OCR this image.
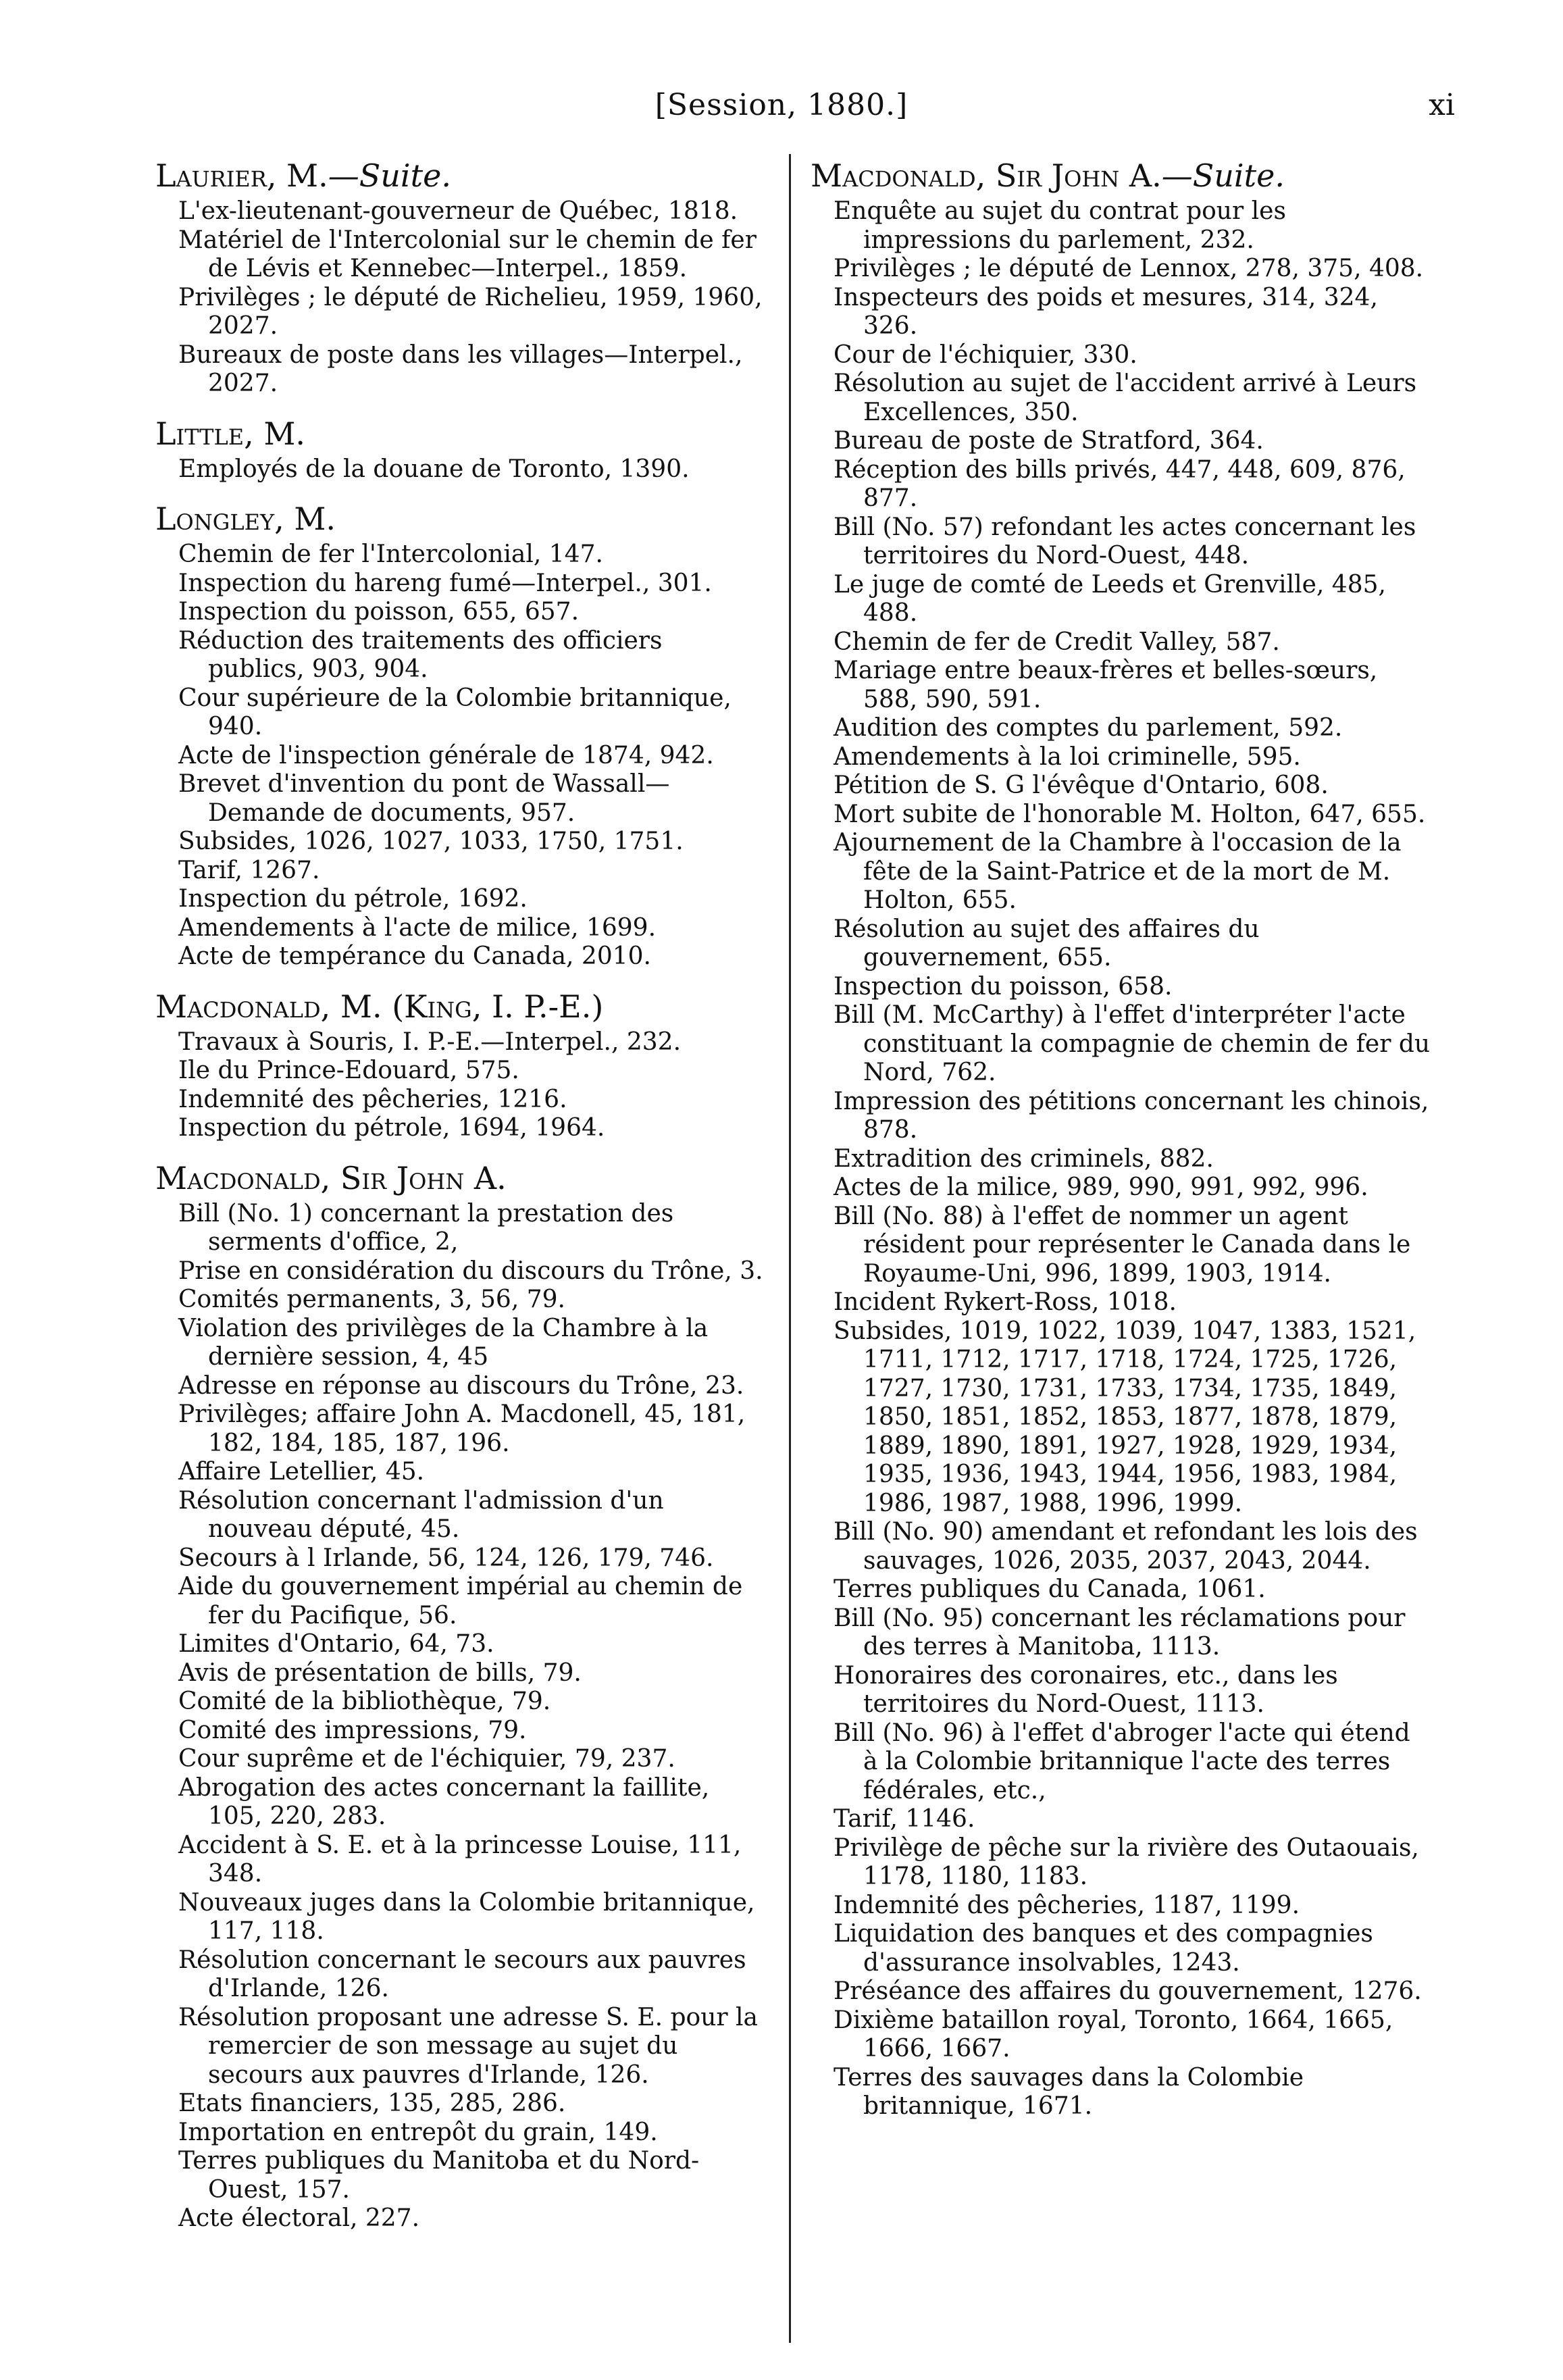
[Session, 1880.]	xi
Laurier, M.—Suite.
L'ex-lieutenant-gouverneur de Québec, 1818.
Matériel de l'Intercolonial sur le chemin de fer de Lévis et Kennebec—Interpel., 1859.
Privilèges ; le député de Richelieu, 1959, 1960, 2027.
Bureaux de poste dans les villages—Interpel., 2027.
Little, M.
Employés de la douane de Toronto, 1390.
Longley, M.
Chemin de fer l'Intercolonial, 147.
Inspection du hareng fumé—Interpel., 301.
Inspection du poisson, 655, 657.
Réduction des traitements des officiers publics, 903, 904.
Cour supérieure de la Colombie britannique, 940.
Acte de l'inspection générale de 1874, 942.
Brevet d'invention du pont de Wassall—Demande de documents, 957.
Subsides, 1026, 1027, 1033, 1750, 1751.
Tarif, 1267.
Inspection du pétrole, 1692.
Amendements à l'acte de milice, 1699.
Acte de tempérance du Canada, 2010.
Macdonald, M. (King, I. P.-E.)
Travaux à Souris, I. P.-E.—Interpel., 232.
Ile du Prince-Edouard, 575.
Indemnité des pêcheries, 1216.
Inspection du pétrole, 1694, 1964.
Macdonald, Sir John A.
Bill (No. 1) concernant la prestation des serments d'office, 2,
Prise en considération du discours du Trône, 3.
Comités permanents, 3, 56, 79.
Violation des privilèges de la Chambre à la dernière session, 4, 45
Adresse en réponse au discours du Trône, 23.
Privilèges; affaire John A. Macdonell, 45, 181, 182, 184, 185, 187, 196.
Affaire Letellier, 45.
Résolution concernant l'admission d'un nouveau député, 45.
Secours à l Irlande, 56, 124, 126, 179, 746.
Aide du gouvernement impérial au chemin de fer du Pacifique, 56.
Limites d'Ontario, 64, 73.
Avis de présentation de bills, 79.
Comité de la bibliothèque, 79.
Comité des impressions, 79.
Cour suprême et de l'échiquier, 79, 237.
Abrogation des actes concernant la faillite, 105, 220, 283.
Accident à S. E. et à la princesse Louise, 111, 348.
Nouveaux juges dans la Colombie britannique, 117, 118.
Résolution concernant le secours aux pauvres d'Irlande, 126.
Résolution proposant une adresse S. E. pour la remercier de son message au sujet du secours aux pauvres d'Irlande, 126.
Etats financiers, 135, 285, 286.
Importation en entrepôt du grain, 149.
Terres publiques du Manitoba et du Nord-Ouest, 157.
Acte électoral, 227.
Macdonald, Sir John A.—Suite.
Enquête au sujet du contrat pour les impressions du parlement, 232.
Privilèges ; le député de Lennox, 278, 375, 408.
Inspecteurs des poids et mesures, 314, 324, 326.
Cour de l'échiquier, 330.
Résolution au sujet de l'accident arrivé à Leurs Excellences, 350.
Bureau de poste de Stratford, 364.
Réception des bills privés, 447, 448, 609, 876, 877.
Bill (No. 57) refondant les actes concernant les territoires du Nord-Ouest, 448.
Le juge de comté de Leeds et Grenville, 485, 488.
Chemin de fer de Credit Valley, 587.
Mariage entre beaux-frères et belles-sœurs, 588, 590, 591.
Audition des comptes du parlement, 592.
Amendements à la loi criminelle, 595.
Pétition de S. G l'évêque d'Ontario, 608.
Mort subite de l'honorable M. Holton, 647, 655.
Ajournement de la Chambre à l'occasion de la fête de la Saint-Patrice et de la mort de M. Holton, 655.
Résolution au sujet des affaires du gouvernement, 655.
Inspection du poisson, 658.
Bill (M. McCarthy) à l'effet d'interpréter l'acte constituant la compagnie de chemin de fer du Nord, 762.
Impression des pétitions concernant les chinois, 878.
Extradition des criminels, 882.
Actes de la milice, 989, 990, 991, 992, 996.
Bill (No. 88) à l'effet de nommer un agent résident pour représenter le Canada dans le Royaume-Uni, 996, 1899, 1903, 1914.
Incident Rykert-Ross, 1018.
Subsides, 1019, 1022, 1039, 1047, 1383, 1521, 1711, 1712, 1717, 1718, 1724, 1725, 1726, 1727, 1730, 1731, 1733, 1734, 1735, 1849, 1850, 1851, 1852, 1853, 1877, 1878, 1879, 1889, 1890, 1891, 1927, 1928, 1929, 1934, 1935, 1936, 1943, 1944, 1956, 1983, 1984, 1986, 1987, 1988, 1996, 1999.
Bill (No. 90) amendant et refondant les lois des sauvages, 1026, 2035, 2037, 2043, 2044.
Terres publiques du Canada, 1061.
Bill (No. 95) concernant les réclamations pour des terres à Manitoba, 1113.
Honoraires des coronaires, etc., dans les territoires du Nord-Ouest, 1113.
Bill (No. 96) à l'effet d'abroger l'acte qui étend à la Colombie britannique l'acte des terres fédérales, etc.,
Tarif, 1146.
Privilège de pêche sur la rivière des Outaouais, 1178, 1180, 1183.
Indemnité des pêcheries, 1187, 1199.
Liquidation des banques et des compagnies d'assurance insolvables, 1243.
Préséance des affaires du gouvernement, 1276.
Dixième bataillon royal, Toronto, 1664, 1665, 1666, 1667.
Terres des sauvages dans la Colombie britannique, 1671.
